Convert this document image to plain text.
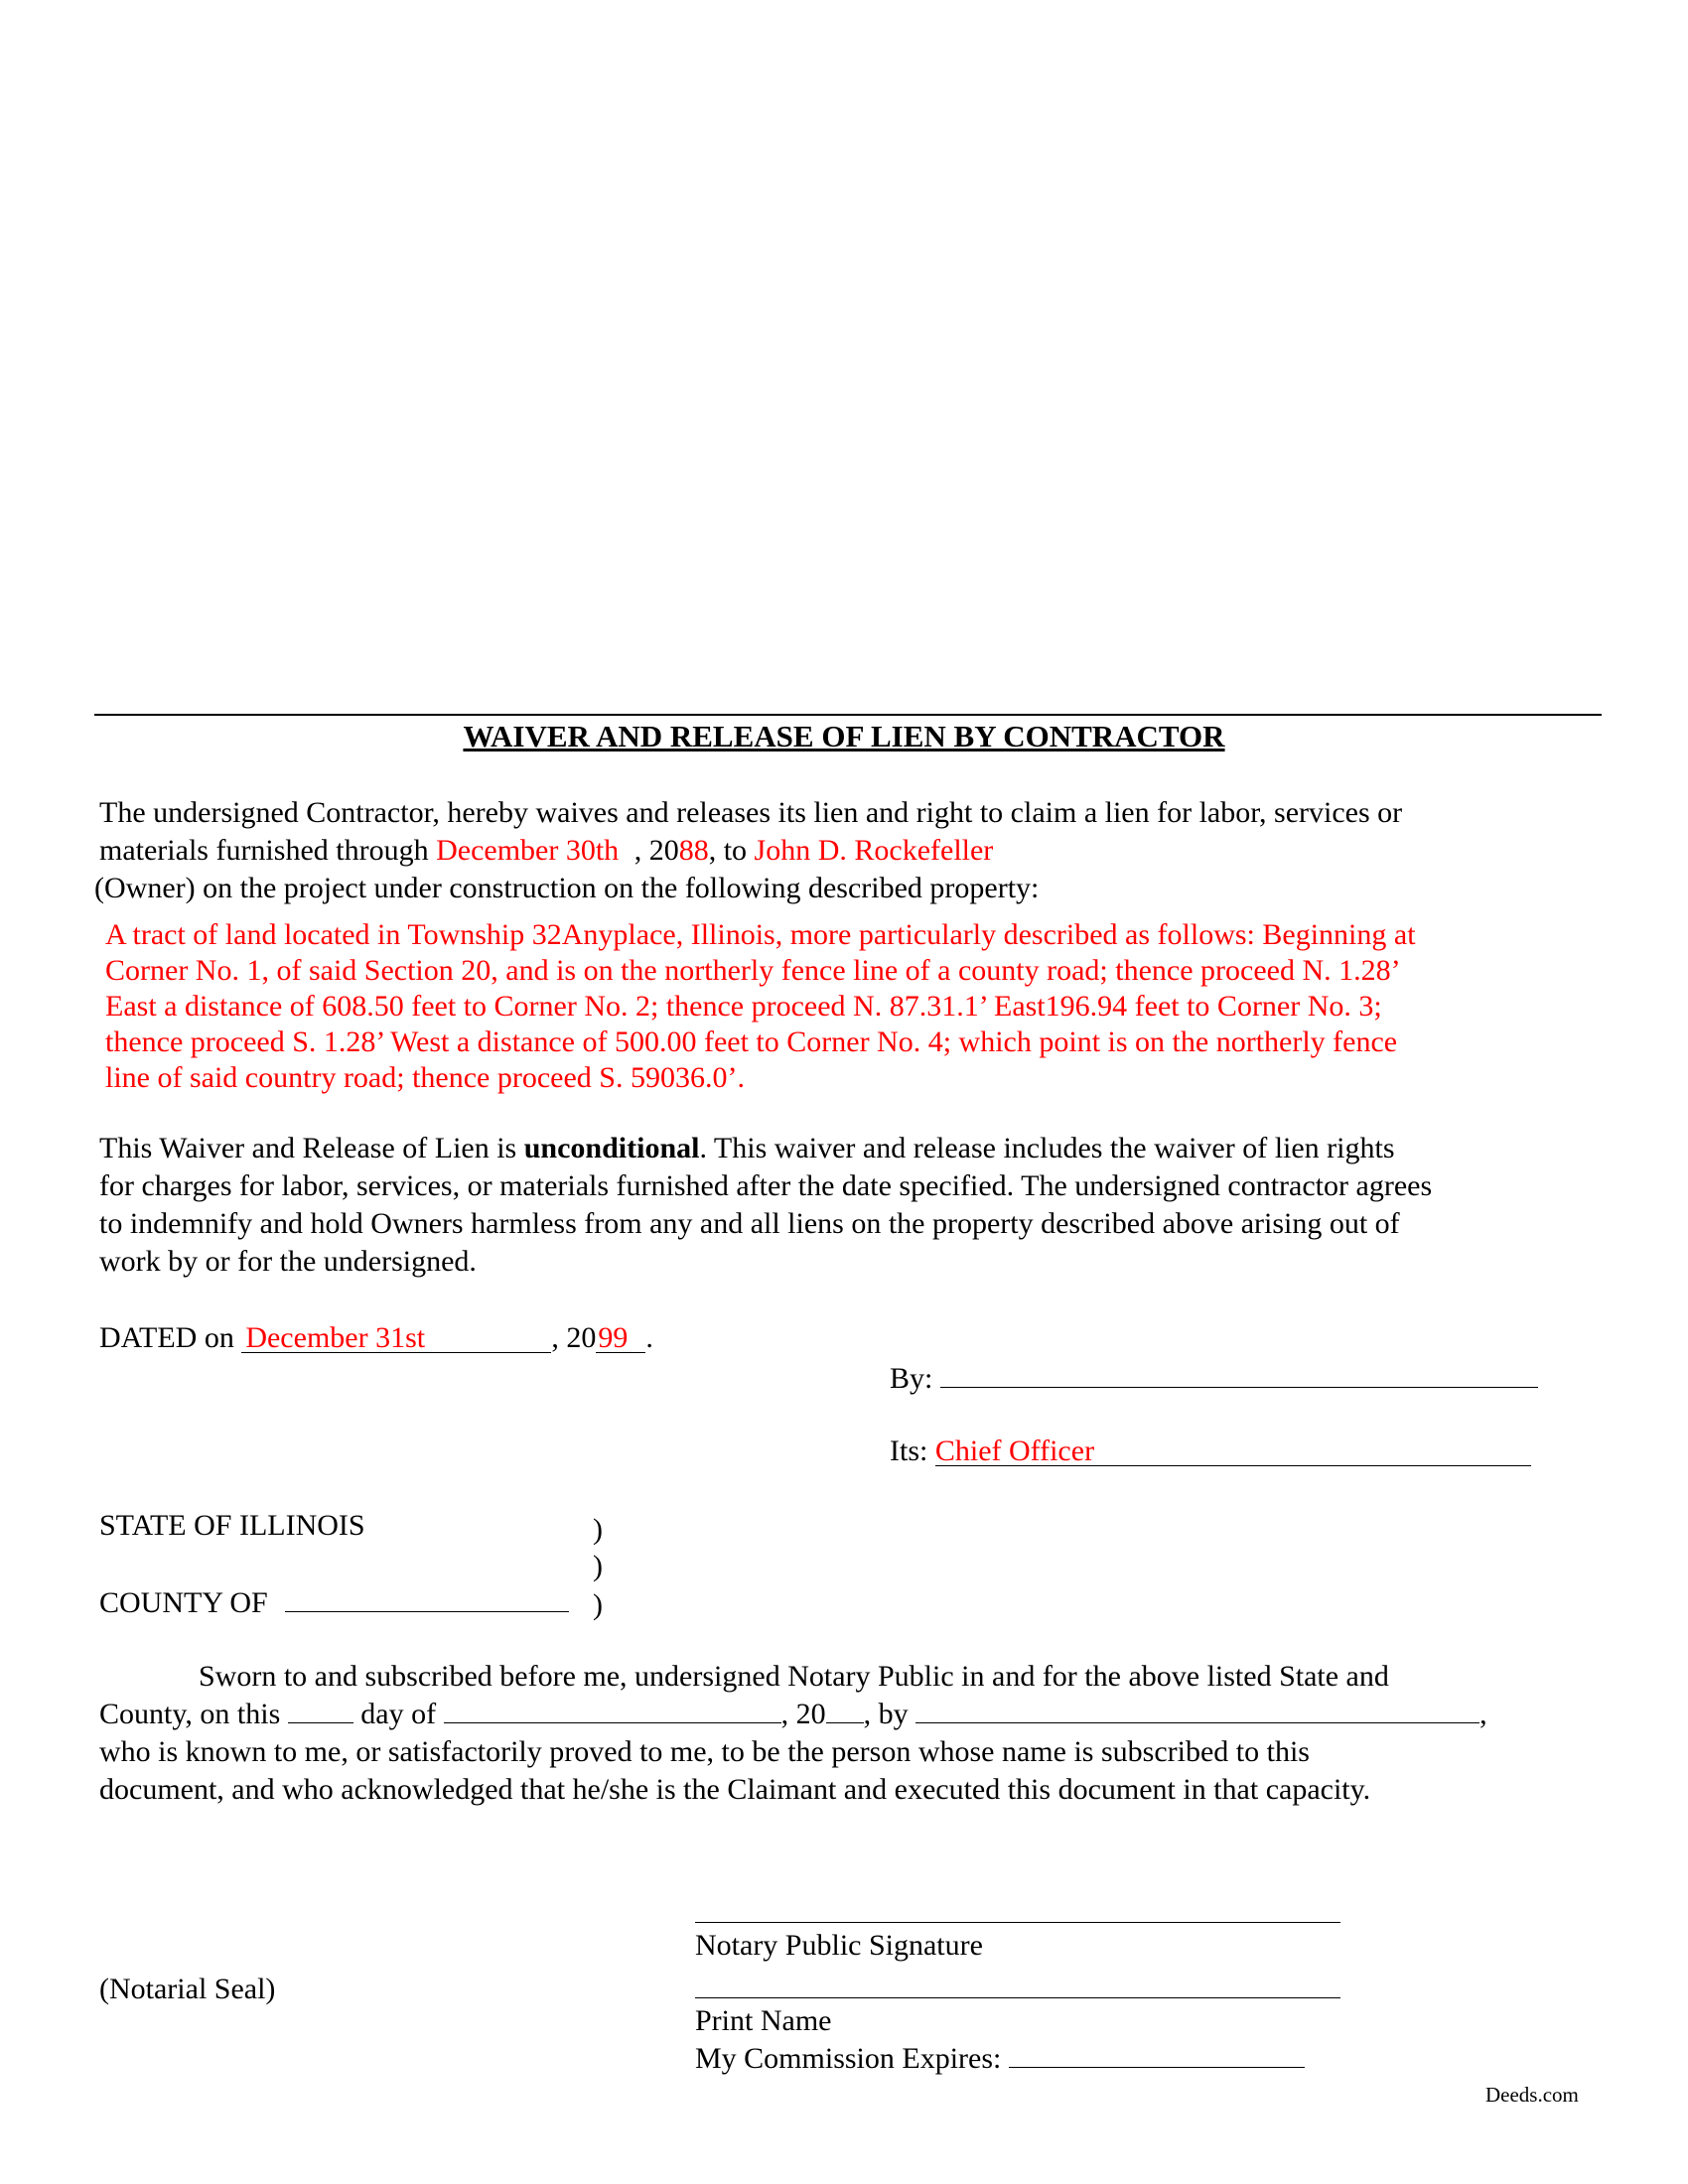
WAIVER AND RELEASE OF LIEN BY CONTRACTOR
The undersigned Contractor, hereby waives and releases its lien and right to claim a lien for labor, services or
materials furnished through December 30th , 2088, to John D. Rockefeller
(Owner) on the project under construction on the following described property:
A tract of land located in Township 32Anyplace, Illinois, more particularly described as follows: Beginning at
Corner No. 1, of said Section 20, and is on the northerly fence line of a county road; thence proceed N. 1.28’
East a distance of 608.50 feet to Corner No. 2; thence proceed N. 87.31.1’ East196.94 feet to Corner No. 3;
thence proceed S. 1.28’ West a distance of 500.00 feet to Corner No. 4; which point is on the northerly fence
line of said country road; thence proceed S. 59036.0’.
This Waiver and Release of Lien is unconditional. This waiver and release includes the waiver of lien rights
for charges for labor, services, or materials furnished after the date specified. The undersigned contractor agrees
to indemnify and hold Owners harmless from any and all liens on the property described above arising out of
work by or for the undersigned.
DATED on December 31st	, 2099 .
By:
Its: Chief Officer
STATE OF ILLINOIS	)
)
COUNTY OF	)
Sworn to and subscribed before me, undersigned Notary Public in and for the above listed State and
County, on this	day of	, 20 , by	,
who is known to me, or satisfactorily proved to me, to be the person whose name is subscribed to this
document, and who acknowledged that he/she is the Claimant and executed this document in that capacity.
Notary Public Signature
(Notarial Seal)
Print Name
My Commission Expires:
Deeds.com
